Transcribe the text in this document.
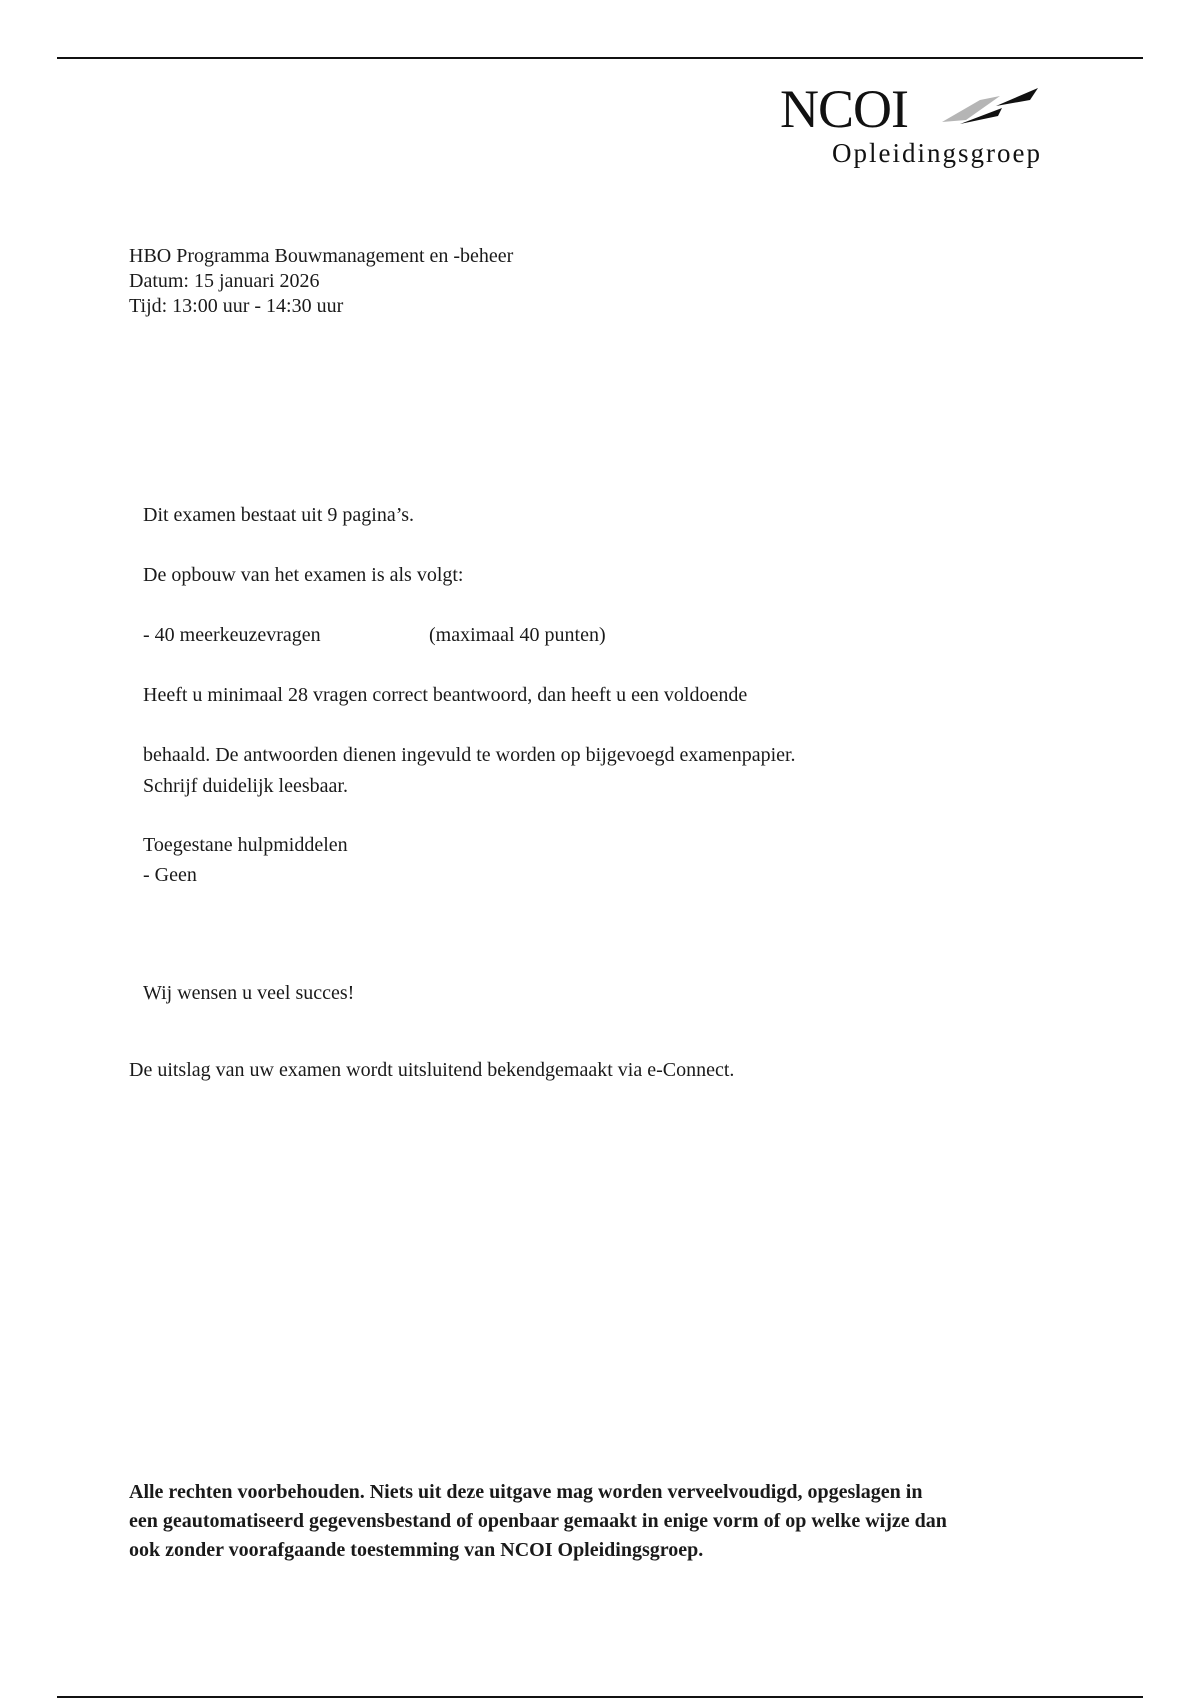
NCOI
Opleidingsgroep
HBO Programma Bouwmanagement en -beheer
Datum: 15 januari 2026
Tijd: 13:00 uur - 14:30 uur
Dit examen bestaat uit 9 pagina’s.
De opbouw van het examen is als volgt:
- 40 meerkeuzevragen	(maximaal 40 punten)
Heeft u minimaal 28 vragen correct beantwoord, dan heeft u een voldoende
behaald. De antwoorden dienen ingevuld te worden op bijgevoegd examenpapier.
Schrijf duidelijk leesbaar.
Toegestane hulpmiddelen
- Geen
Wij wensen u veel succes!
De uitslag van uw examen wordt uitsluitend bekendgemaakt via e-Connect.
Alle rechten voorbehouden. Niets uit deze uitgave mag worden verveelvoudigd, opgeslagen in
een geautomatiseerd gegevensbestand of openbaar gemaakt in enige vorm of op welke wijze dan
ook zonder voorafgaande toestemming van NCOI Opleidingsgroep.
